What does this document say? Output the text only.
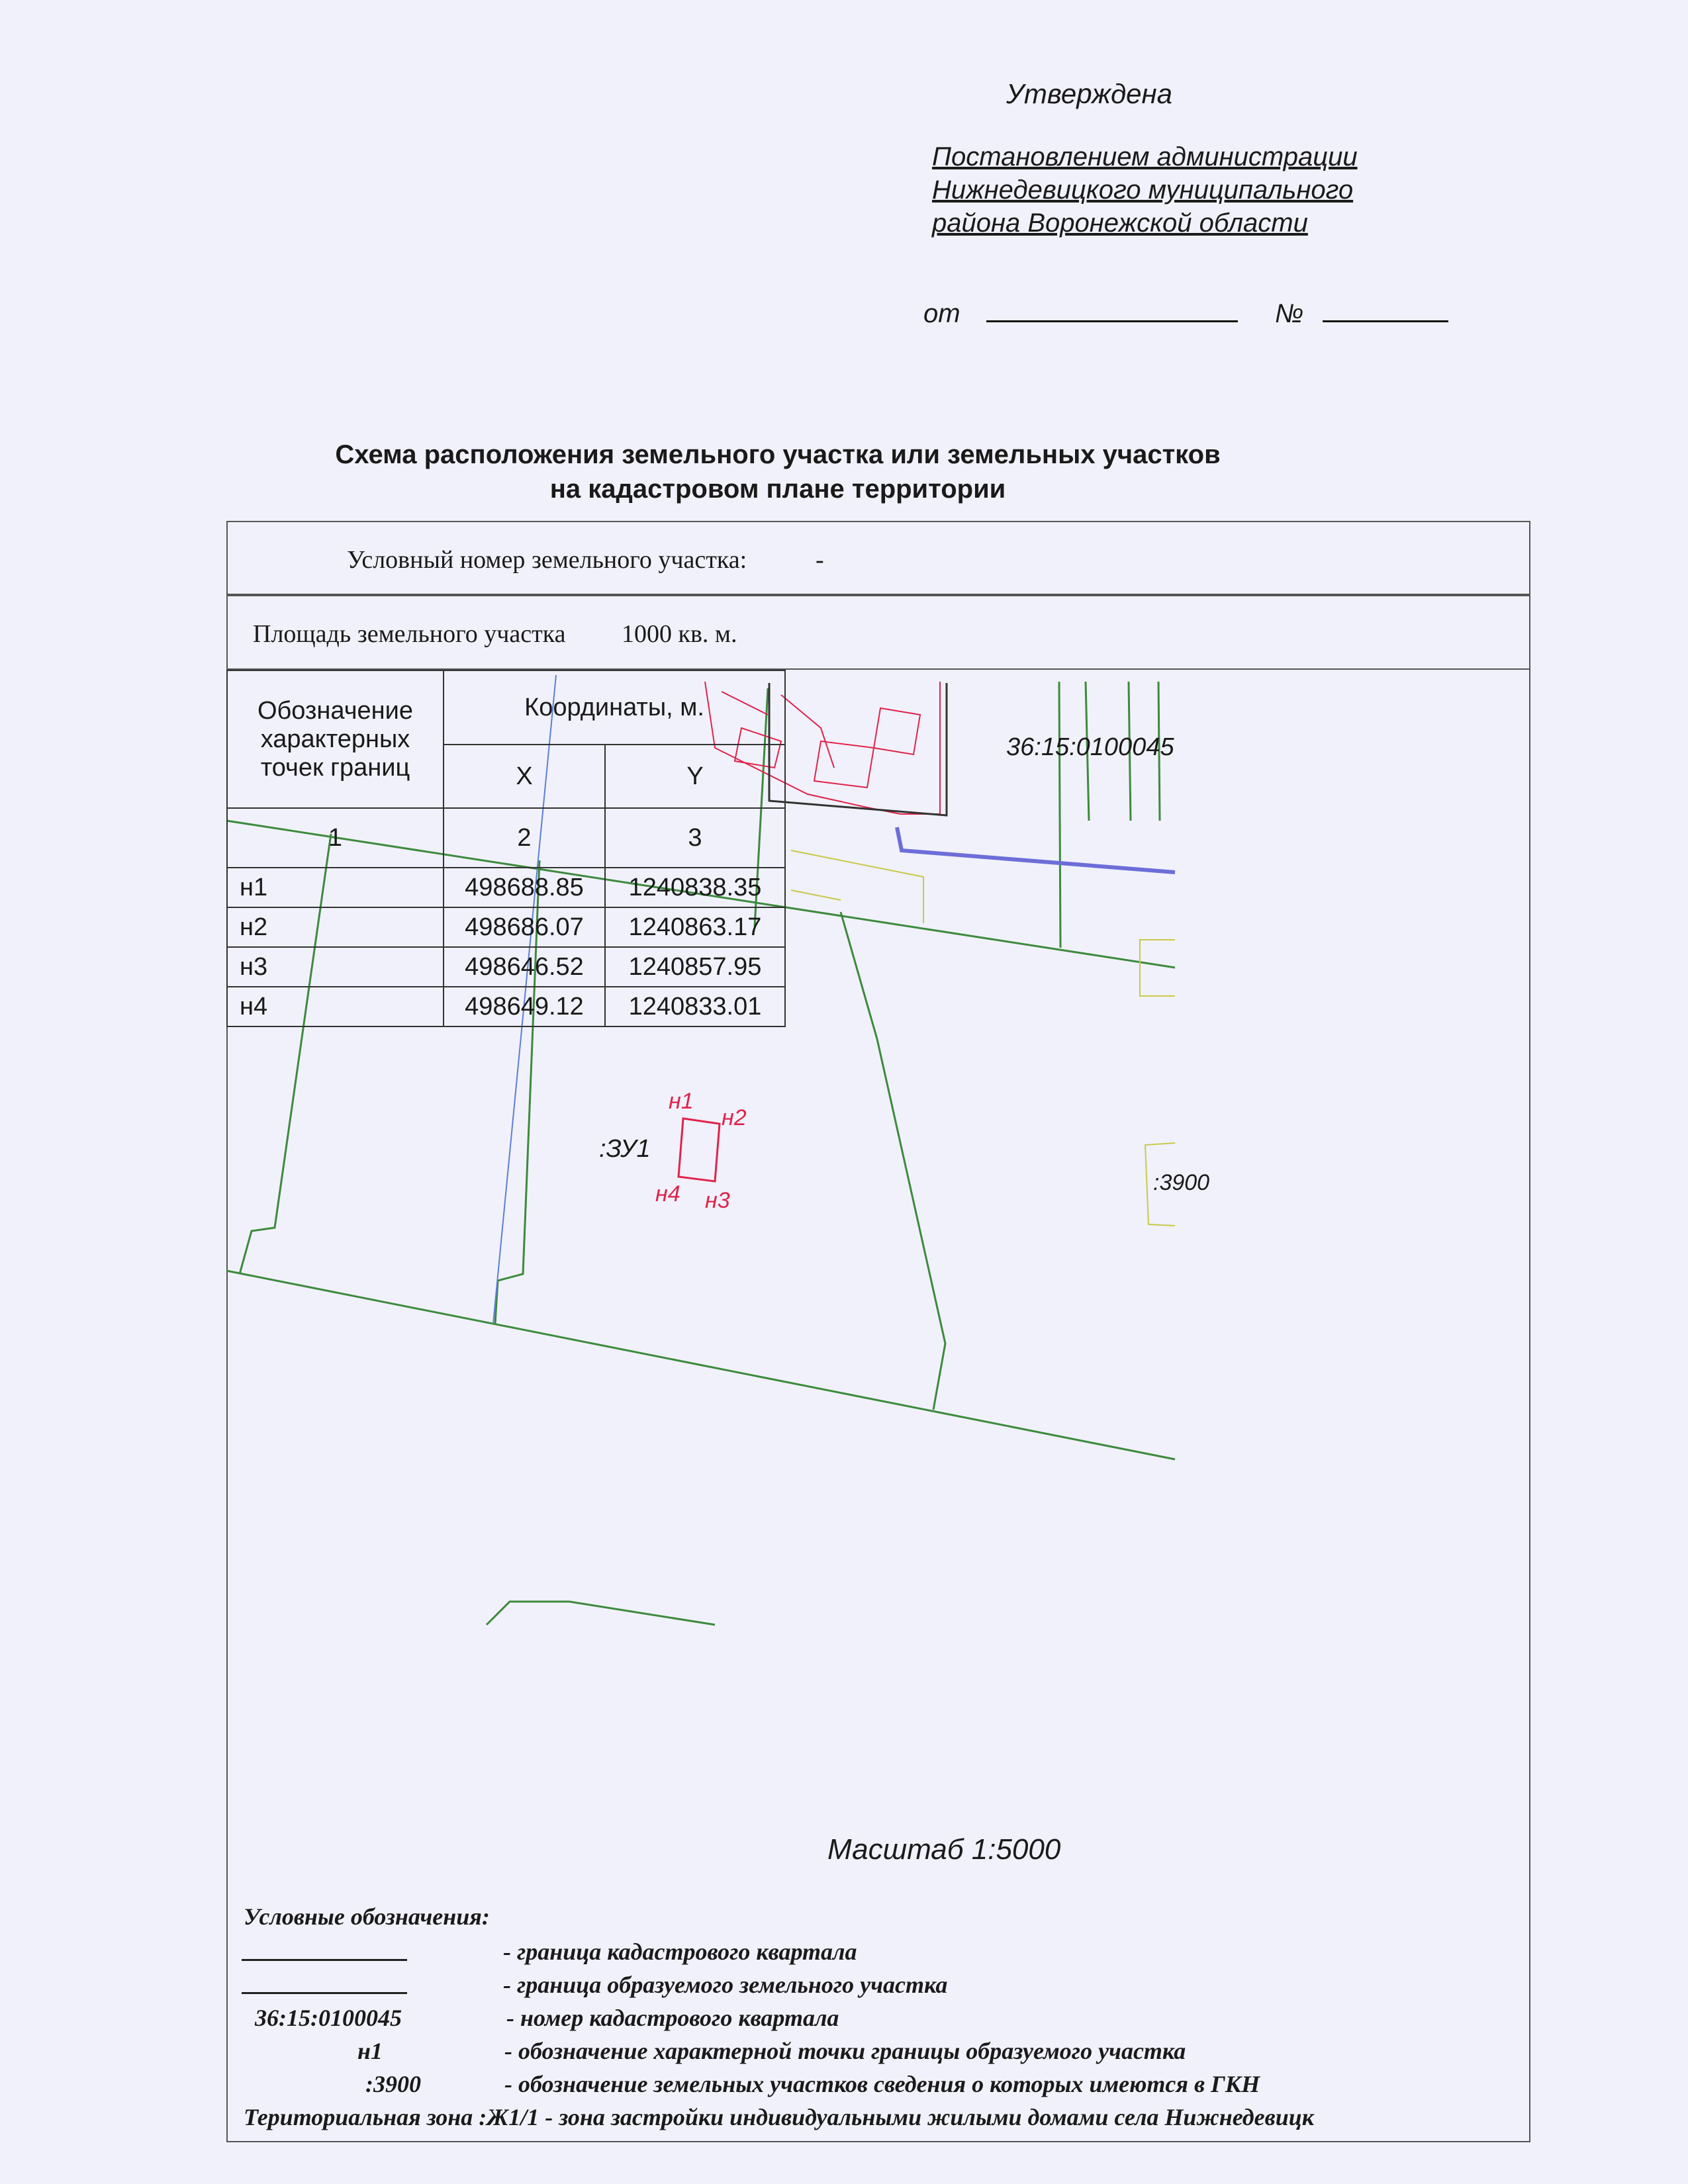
Утверждена
Постановлением администрации
Нижнедевицкого муниципального
района Воронежской области
от	№
Схема расположения земельного участка или земельных участков
на кадастровом плане территории
Условный номер земельного участка:	-
Площадь земельного участка 1000 кв. м.
Обозначение
характерных
точек границ	Координаты, м.	
	X	Y
1	2	3
н1	498688.85	1240838.35
н2	498686.07	1240863.17
н3	498646.52	1240857.95
н4	498649.12	1240833.01
36:15:0100045
:ЗУ1
н1
н2
н3
н4	:3900
Масштаб 1:5000
Условные обозначения:
- граница кадастрового квартала
- граница образуемого земельного участка
36:15:0100045	- номер кадастрового квартала
н1	- обозначение характерной точки границы образуемого участка
:3900	- обозначение земельных участков сведения о которых имеются в ГКН
Териториальная зона :Ж1/1 - зона застройки индивидуальными жилыми домами села Нижнедевицк
